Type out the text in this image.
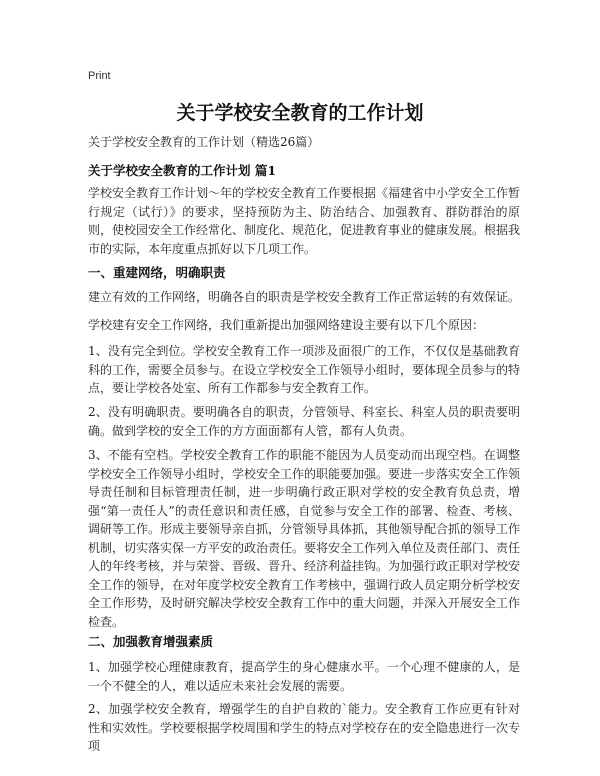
Print
关于学校安全教育的工作计划
关于学校安全教育的工作计划（精选26篇）
关于学校安全教育的工作计划 篇1

学校安全教育工作计划～年的学校安全教育工作要根据《福建省中小学安全工作暂行规定（试行）》的要求，坚持预防为主、防治结合、加强教育、群防群治的原则，使校园安全工作经常化、制度化、规范化，促进教育事业的健康发展。根据我市的实际，本年度重点抓好以下几项工作。

一、重建网络，明确职责

建立有效的工作网络，明确各自的职责是学校安全教育工作正常运转的有效保证。

学校建有安全工作网络，我们重新提出加强网络建设主要有以下几个原因：

1、没有完全到位。学校安全教育工作一项涉及面很广的工作，不仅仅是基础教育科的工作，需要全员参与。在设立学校安全工作领导小组时，要体现全员参与的特点，要让学校各处室、所有工作都参与安全教育工作。

2、没有明确职责。要明确各自的职责，分管领导、科室长、科室人员的职责要明确。做到学校的安全工作的方方面面都有人管，都有人负责。

3、不能有空档。学校安全教育工作的职能不能因为人员变动而出现空档。在调整学校安全工作领导小组时，学校安全工作的职能要加强。要进一步落实安全工作领导责任制和目标管理责任制，进一步明确行政正职对学校的安全教育负总责，增强“第一责任人”的责任意识和责任感，自觉参与安全工作的部署、检查、考核、调研等工作。形成主要领导亲自抓，分管领导具体抓，其他领导配合抓的领导工作机制，切实落实保一方平安的政治责任。要将安全工作列入单位及责任部门、责任人的年终考核，并与荣誉、晋级、晋升、经济利益挂钩。为加强行政正职对学校安全工作的领导，在对年度学校安全教育工作考核中，强调行政人员定期分析学校安全工作形势，及时研究解决学校安全教育工作中的重大问题，并深入开展安全工作检查。

二、加强教育增强素质

1、加强学校心理健康教育，提高学生的身心健康水平。一个心理不健康的人，是一个不健全的人，难以适应未来社会发展的需要。

2、加强学校安全教育，增强学生的自护自救的`能力。安全教育工作应更有针对性和实效性。学校要根据学校周围和学生的特点对学校存在的安全隐患进行一次专项
